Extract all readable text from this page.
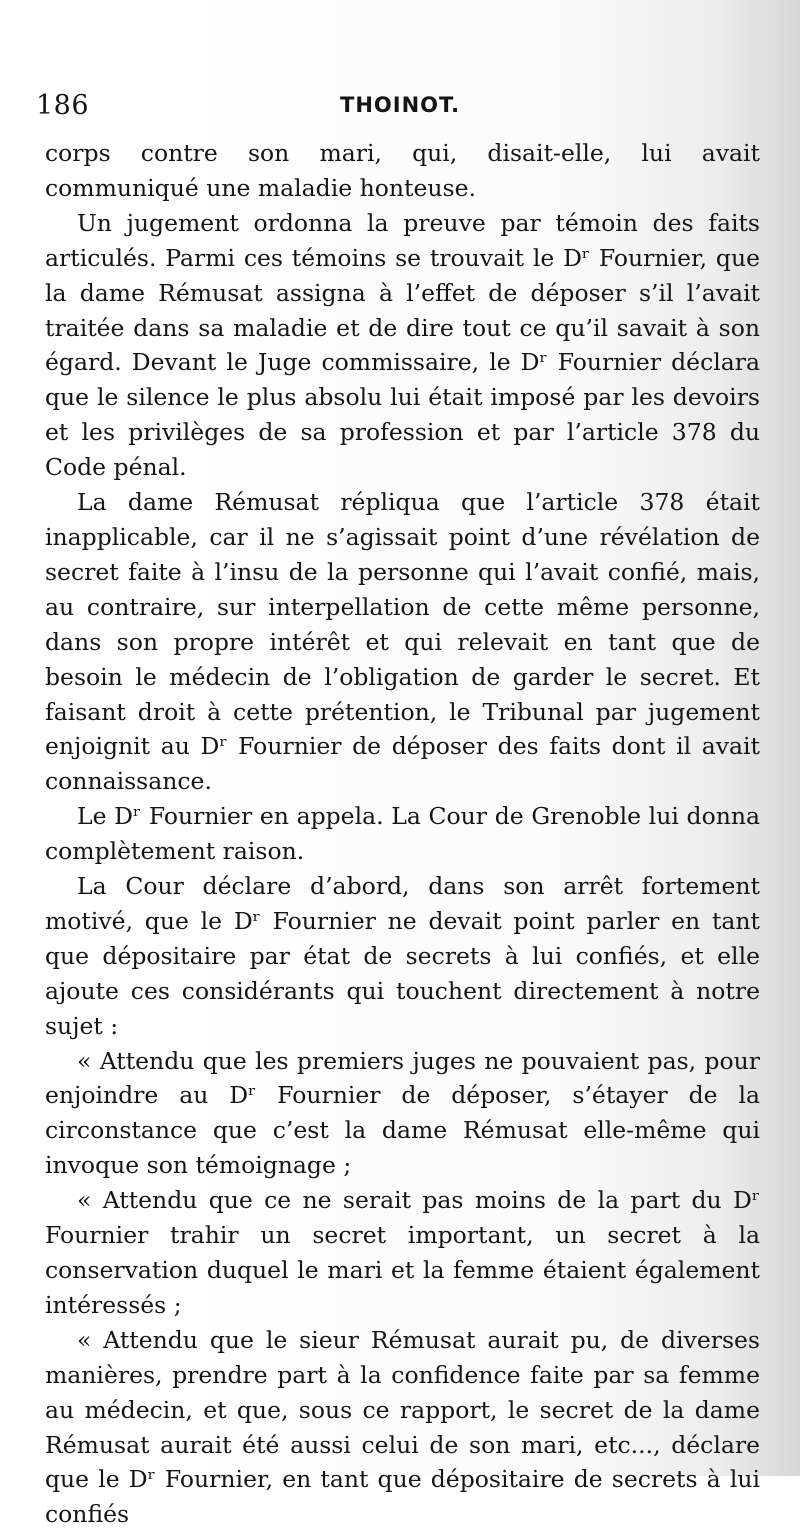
186	THOINOT.

corps contre son mari, qui, disait-elle, lui avait communiqué une maladie honteuse.

Un jugement ordonna la preuve par témoin des faits articulés. Parmi ces témoins se trouvait le Dʳ Fournier, que la dame Rémusat assigna à l’effet de déposer s’il l’avait traitée dans sa maladie et de dire tout ce qu’il savait à son égard. Devant le Juge commissaire, le Dʳ Fournier déclara que le silence le plus absolu lui était imposé par les devoirs et les privilèges de sa profession et par l’article 378 du Code pénal.

La dame Rémusat répliqua que l’article 378 était inapplicable, car il ne s’agissait point d’une révélation de secret faite à l’insu de la personne qui l’avait confié, mais, au contraire, sur interpellation de cette même personne, dans son propre intérêt et qui relevait en tant que de besoin le médecin de l’obligation de garder le secret. Et faisant droit à cette prétention, le Tribunal par jugement enjoignit au Dʳ Fournier de déposer des faits dont il avait connaissance.

Le Dʳ Fournier en appela. La Cour de Grenoble lui donna complètement raison.

La Cour déclare d’abord, dans son arrêt fortement motivé, que le Dʳ Fournier ne devait point parler en tant que dépositaire par état de secrets à lui confiés, et elle ajoute ces considérants qui touchent directement à notre sujet :

« Attendu que les premiers juges ne pouvaient pas, pour enjoindre au Dʳ Fournier de déposer, s’étayer de la circonstance que c’est la dame Rémusat elle-même qui invoque son témoignage ;

« Attendu que ce ne serait pas moins de la part du Dʳ Fournier trahir un secret important, un secret à la conservation duquel le mari et la femme étaient également intéressés ;

« Attendu que le sieur Rémusat aurait pu, de diverses manières, prendre part à la confidence faite par sa femme au médecin, et que, sous ce rapport, le secret de la dame Rémusat aurait été aussi celui de son mari, etc..., déclare que le Dʳ Fournier, en tant que dépositaire de secrets à lui confiés
